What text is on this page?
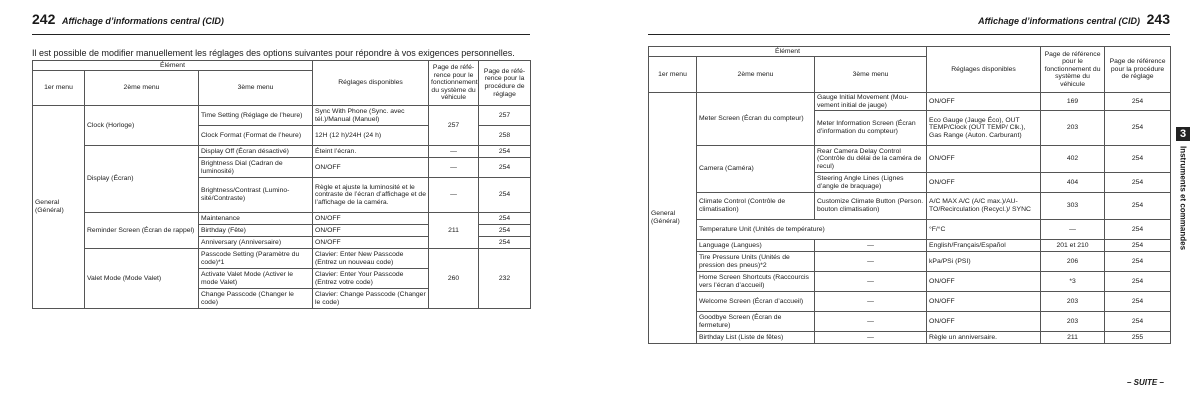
242 Affichage d’informations central (CID)
Il est possible de modifier manuellement les réglages des options suivantes pour répondre à vos exigences personnelles.
Élément			Réglages disponibles	Page de référence pour le fonctionnement du système du véhicule	Page de référence pour la procédure de réglage
1er menu	2ème menu	3ème menu			
General (Général)	Clock (Horloge)	Time Setting (Réglage de l’heure)	Sync With Phone (Sync. avec tél.)/Manual (Manuel)	257	257
		Clock Format (Format de l’heure)	12H (12 h)/24H (24 h)		258
	Display (Écran)	Display Off (Écran désactivé)	Éteint l’écran.	—	254
		Brightness Dial (Cadran de luminosité)	ON/OFF	—	254
		Brightness/Contrast (Luminosité/Contraste)	Règle et ajuste la luminosité et le contraste de l’écran d’affichage et de l’affichage de la caméra.	—	254
	Reminder Screen (Écran de rappel)	Maintenance	ON/OFF	211	254
		Birthday (Fête)	ON/OFF		254
		Anniversary (Anniversaire)	ON/OFF		254
	Valet Mode (Mode Valet)	Passcode Setting (Paramètre du code)*1	Clavier: Enter New Passcode (Entrez un nouveau code)	260	232
		Activate Valet Mode (Activer le mode Valet)	Clavier: Enter Your Passcode (Entrez votre code)		
		Change Passcode (Changer le code)	Clavier: Change Passcode (Changer le code)		
Affichage d’informations central (CID) 243
Élément			Réglages disponibles	Page de référence pour le fonctionnement du système du véhicule	Page de référence pour la procédure de réglage
1er menu	2ème menu	3ème menu			
General (Général)	Meter Screen (Écran du compteur)	Gauge Initial Movement (Mouvement initial de jauge)	ON/OFF	169	254
		Meter Information Screen (Écran d’information du compteur)	Eco Gauge (Jauge Éco), OUT TEMP/Clock (OUT TEMP/ Clk.), Gas Range (Auton. Carburant)	203	254
	Camera (Caméra)	Rear Camera Delay Control (Contrôle du délai de la caméra de recul)	ON/OFF	402	254
		Steering Angle Lines (Lignes d’angle de braquage)	ON/OFF	404	254
	Climate Control (Contrôle de climatisation)	Customize Climate Button (Person. bouton climatisation)	A/C MAX A/C (A/C max.)/AUTO/Recirculation (Recycl.)/ SYNC	303	254
	Temperature Unit (Unités de température)		°F/°C	—	254
	Language (Langues)	—	English/Français/Español	201 et 210	254
	Tire Pressure Units (Unités de pression des pneus)*2	—	kPa/PSi (PSI)	206	254
	Home Screen Shortcuts (Raccourcis vers l’écran d’accueil)	—	ON/OFF	*3	254
	Welcome Screen (Écran d’accueil)	—	ON/OFF	203	254
	Goodbye Screen (Écran de fermeture)	—	ON/OFF	203	254
	Birthday List (Liste de fêtes)	—	Règle un anniversaire.	211	255
3
Instruments et commandes
– SUITE –
